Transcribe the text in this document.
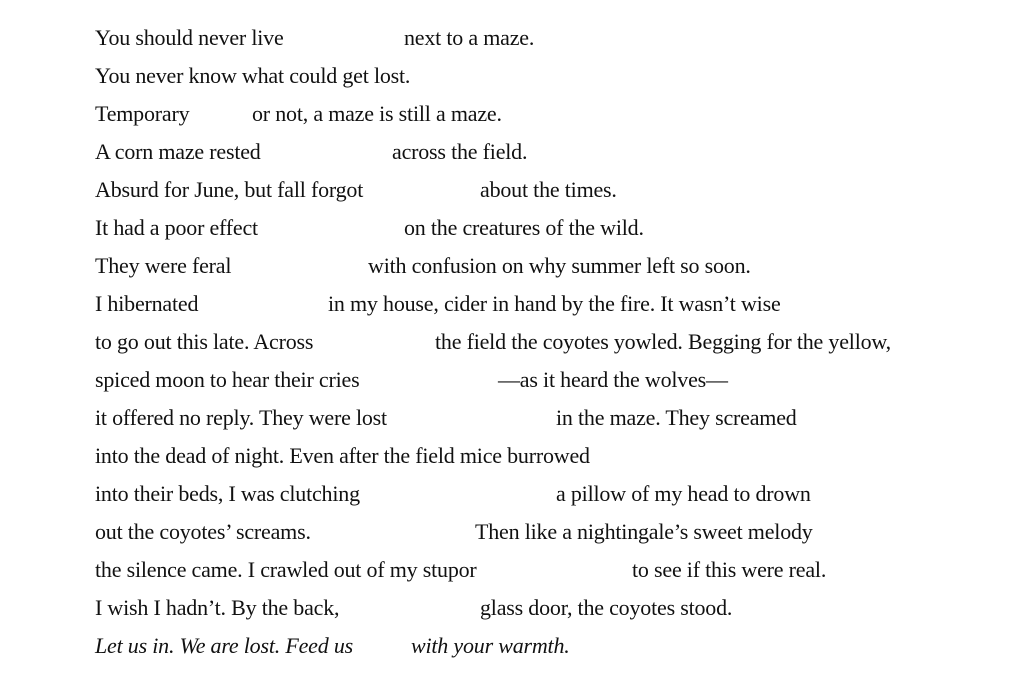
You should never live	next to a maze.
You never know what could get lost.
Temporary	or not, a maze is still a maze.
A corn maze rested	across the field.
Absurd for June, but fall forgot	about the times.
It had a poor effect	on the creatures of the wild.
They were feral	with confusion on why summer left so soon.
I hibernated	in my house, cider in hand by the fire. It wasn’t wise
to go out this late. Across	the field the coyotes yowled. Begging for the yellow,
spiced moon to hear their cries	—as it heard the wolves—
it offered no reply. They were lost	in the maze. They screamed
into the dead of night. Even after the field mice burrowed
into their beds, I was clutching	a pillow of my head to drown
out the coyotes’ screams.	Then like a nightingale’s sweet melody
the silence came. I crawled out of my stupor	to see if this were real.
I wish I hadn’t. By the back,	glass door, the coyotes stood.
Let us in. We are lost. Feed us	with your warmth.
